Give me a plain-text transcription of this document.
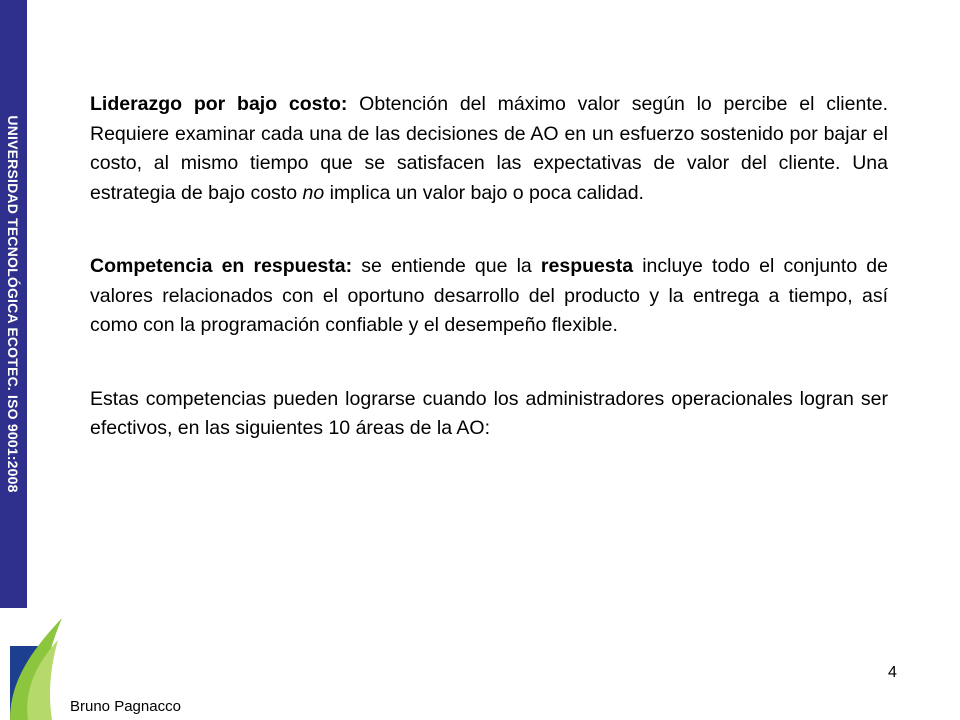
UNIVERSIDAD TECNOLÓGICA ECOTEC. ISO 9001:2008

Liderazgo por bajo costo: Obtención del máximo valor según lo percibe el cliente. Requiere examinar cada una de las decisiones de AO en un esfuerzo sostenido por bajar el costo, al mismo tiempo que se satisfacen las expectativas de valor del cliente. Una estrategia de bajo costo no implica un valor bajo o poca calidad.

Competencia en respuesta: se entiende que la respuesta incluye todo el conjunto de valores relacionados con el oportuno desarrollo del producto y la entrega a tiempo, así como con la programación confiable y el desempeño flexible.

Estas competencias pueden lograrse cuando los administradores operacionales logran ser efectivos, en las siguientes 10 áreas de la AO:

4
Bruno Pagnacco
